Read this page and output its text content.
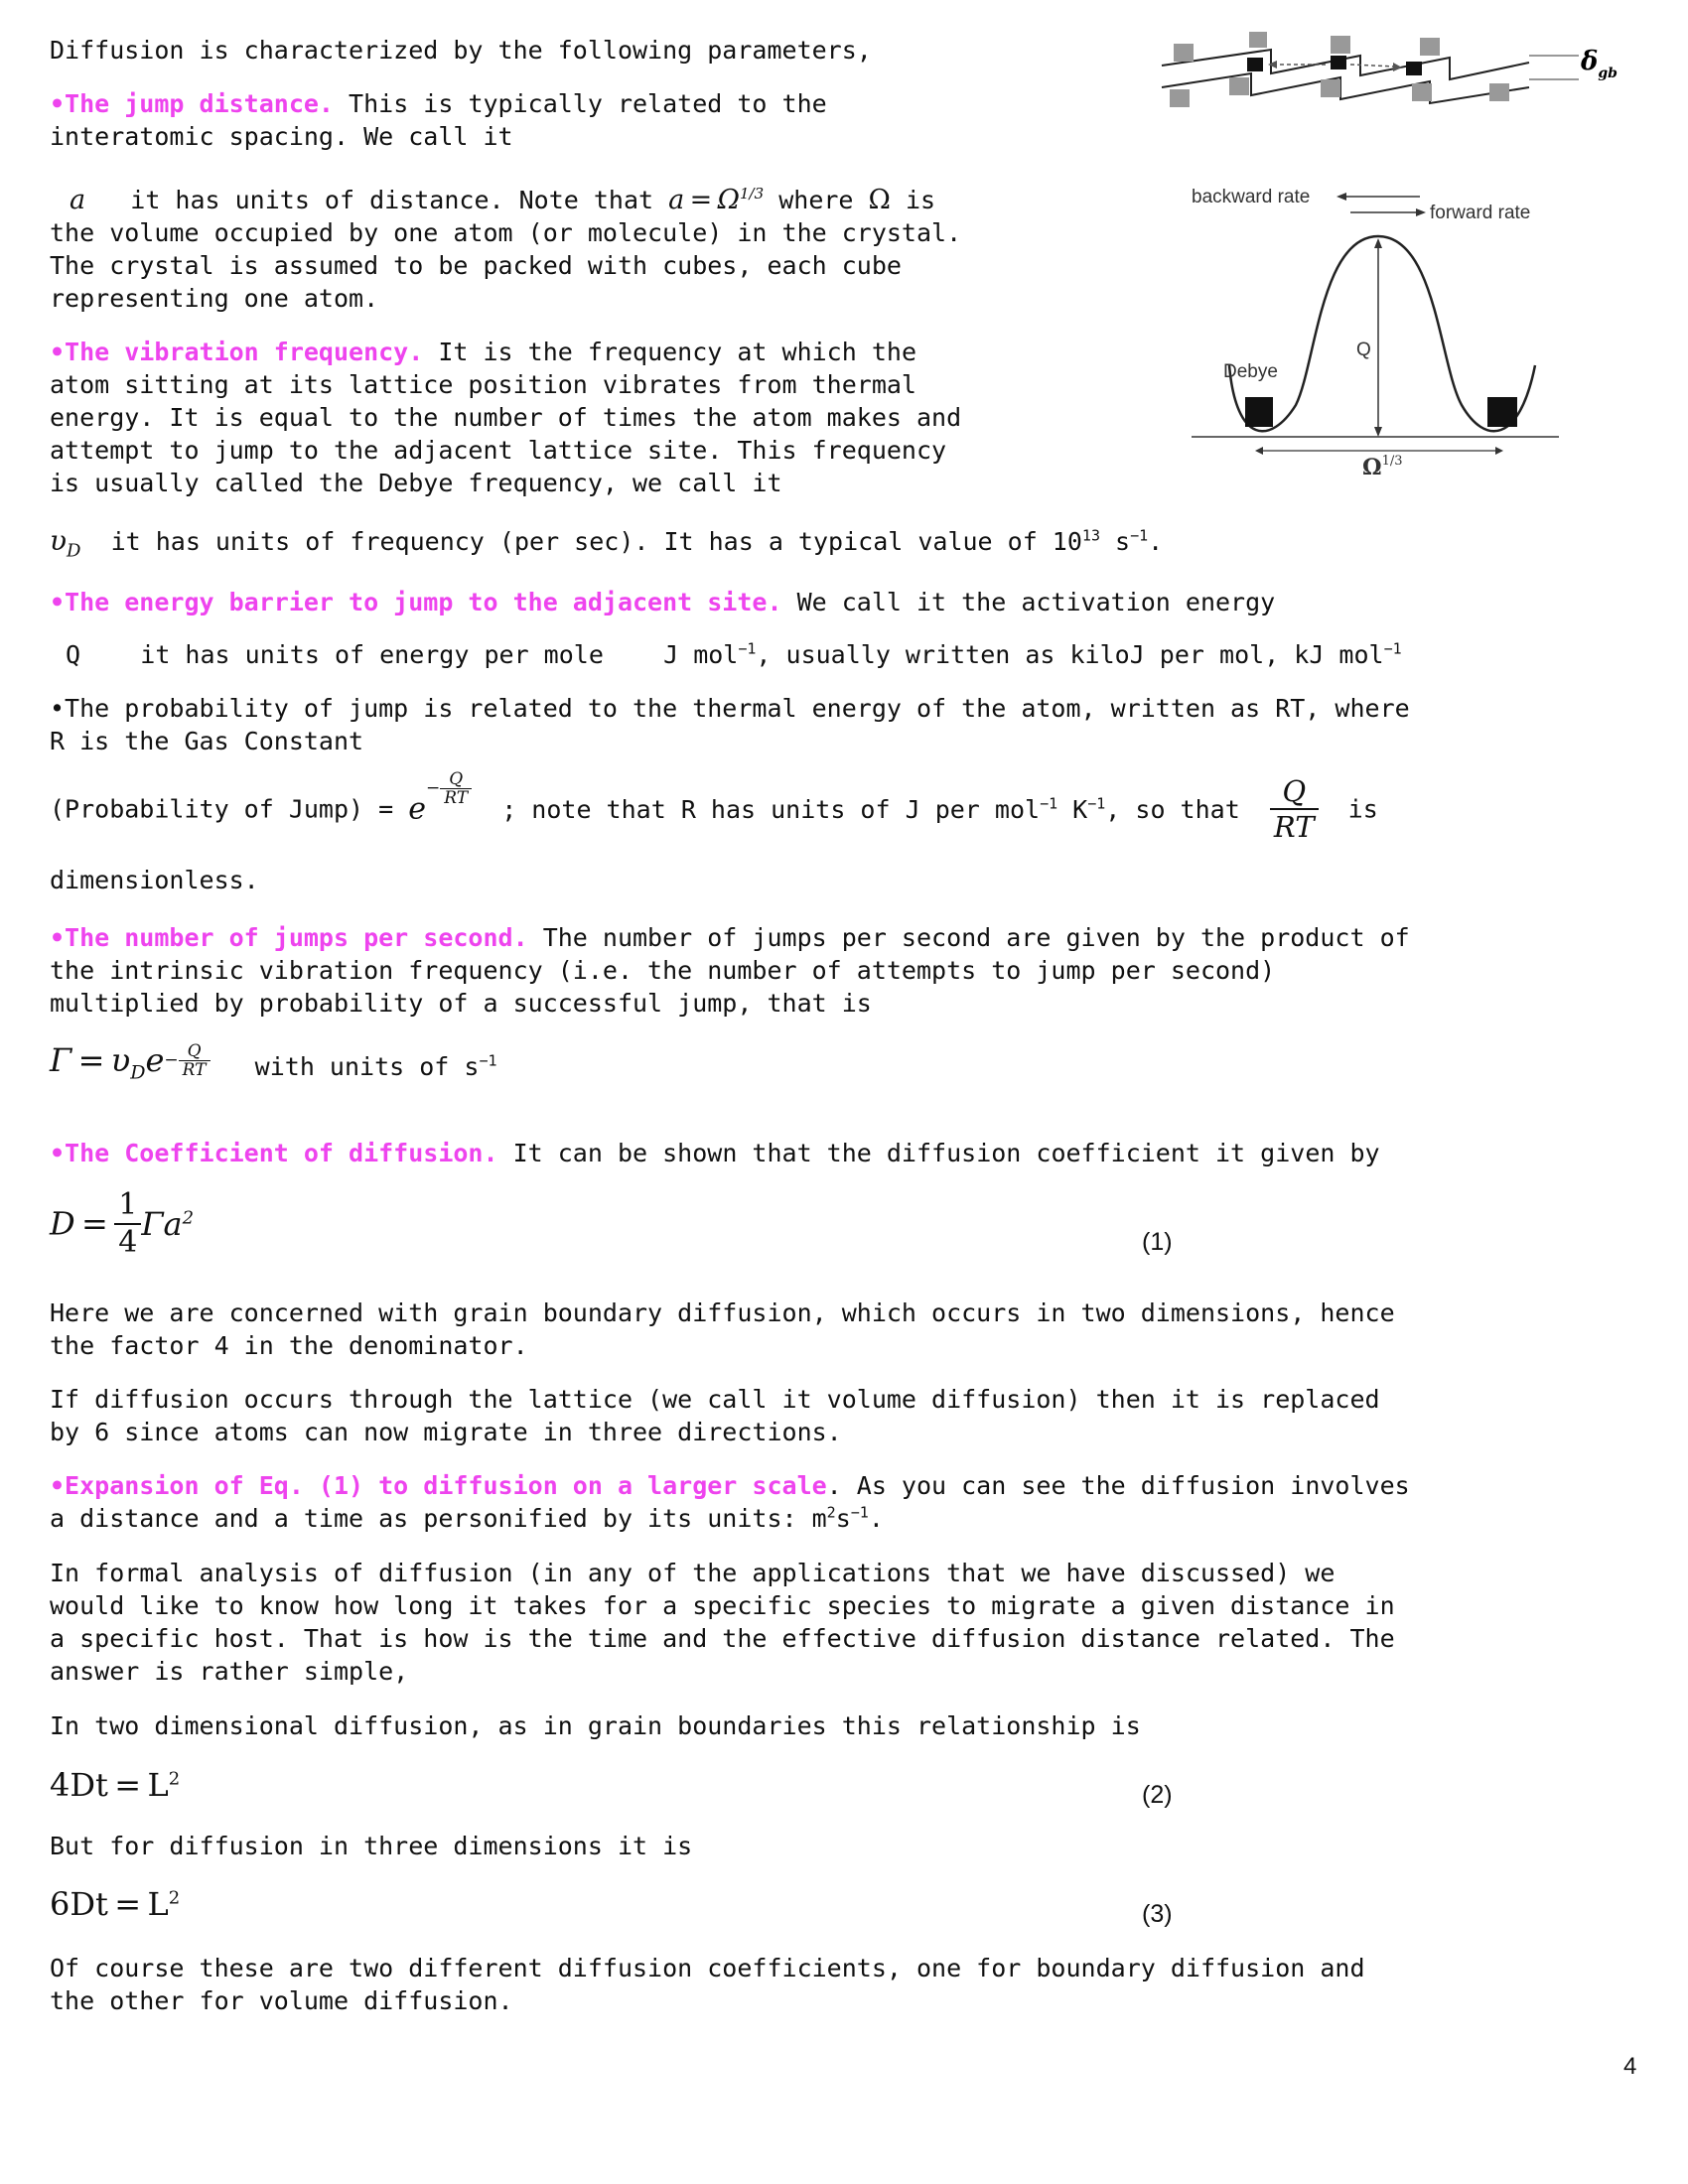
$\delta_{gb}$
backward rate
forward rate
Q
Debye
$\Omega^{1/3}$
Diffusion is characterized by the following parameters,
•The jump distance. This is typically related to the
interatomic spacing. We call it
a it has units of distance. Note that $a = \Omega^{1/3}$ where Ω is
the volume occupied by one atom (or molecule) in the crystal.
The crystal is assumed to be packed with cubes, each cube
representing one atom.
•The vibration frequency. It is the frequency at which the
atom sitting at its lattice position vibrates from thermal
energy. It is equal to the number of times the atom makes and
attempt to jump to the adjacent lattice site. This frequency
is usually called the Debye frequency, we call it
$\upsilon_D$ it has units of frequency (per sec). It has a typical value of $10^{13}$ $s^{-1}$.
•The energy barrier to jump to the adjacent site. We call it the activation energy
Q it has units of energy per mole J mol$^{-1}$, usually written as kiloJ per mol, kJ mol$^{-1}$
•The probability of jump is related to the thermal energy of the atom, written as RT, where
R is the Gas Constant
(Probability of Jump) = $e- \frac{Q}{RT}$
; note that R has units of J per mol$^{-1}$ $K^{-1}$, so that $\frac{Q}{RT}$ is
dimensionless.
•The number of jumps per second. The number of jumps per second are given by the product of
the intrinsic vibration frequency (i.e. the number of attempts to jump per second)
multiplied by probability of a successful jump, that is
$\Gamma = \upsilon_De- \frac{Q}{RT}$ with units of $s^{-1}$
•The Coefficient of diffusion. It can be shown that the diffusion coefficient it given by
$D = \frac{1}{4} \Gamma a^2$
(1)
Here we are concerned with grain boundary diffusion, which occurs in two dimensions, hence
the factor 4 in the denominator.
If diffusion occurs through the lattice (we call it volume diffusion) then it is replaced
by 6 since atoms can now migrate in three directions.
•Expansion of Eq. (1) to diffusion on a larger scale. As you can see the diffusion involves
a distance and a time as personified by its units: $m^2s^{-1}$.
In formal analysis of diffusion (in any of the applications that we have discussed) we
would like to know how long it takes for a specific species to migrate a given distance in
a specific host. That is how is the time and the effective diffusion distance related. The
answer is rather simple,
In two dimensional diffusion, as in grain boundaries this relationship is
$4Dt = L^2$
(2)
But for diffusion in three dimensions it is
$6Dt = L^2$
(3)
Of course these are two different diffusion coefficients, one for boundary diffusion and
the other for volume diffusion.
4
